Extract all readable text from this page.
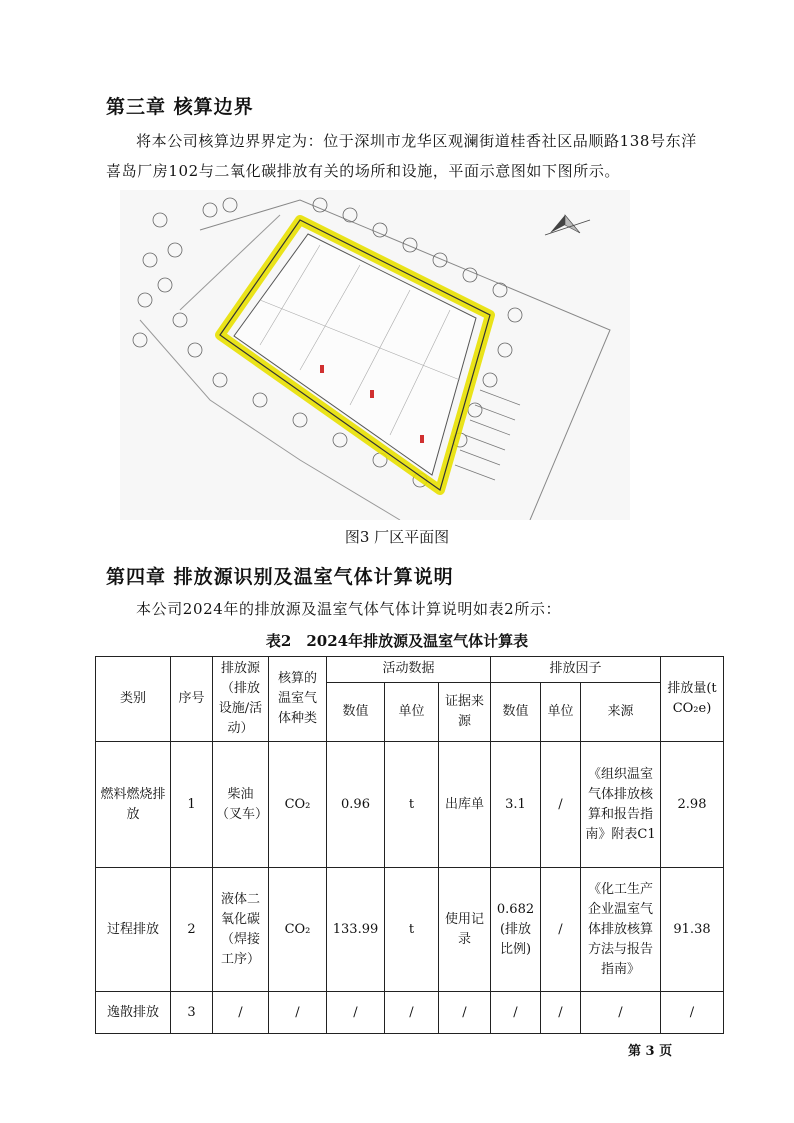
第三章 核算边界
将本公司核算边界界定为：位于深圳市龙华区观澜街道桂香社区品顺路138号东洋
喜岛厂房102与二氧化碳排放有关的场所和设施，平面示意图如下图所示。
图3 厂区平面图
第四章 排放源识别及温室气体计算说明
本公司2024年的排放源及温室气体气体计算说明如表2所示：
表2　2024年排放源及温室气体计算表
类别	序号	排放源（排放设施/活动）	核算的温室气体种类	活动数据			排放因子			排放量(tCO₂e)
				数值	单位	证据来源	数值	单位	来源	
燃料燃烧排放	1	柴油（叉车）	CO₂	0.96	t	出库单	3.1	/	《组织温室气体排放核算和报告指南》附表C1	2.98
过程排放	2	液体二氧化碳（焊接工序）	CO₂	133.99	t	使用记录	0.682(排放比例)	/	《化工生产企业温室气体排放核算方法与报告指南》	91.38
逸散排放	3	/	/	/	/	/	/	/	/	/
第 3 页
